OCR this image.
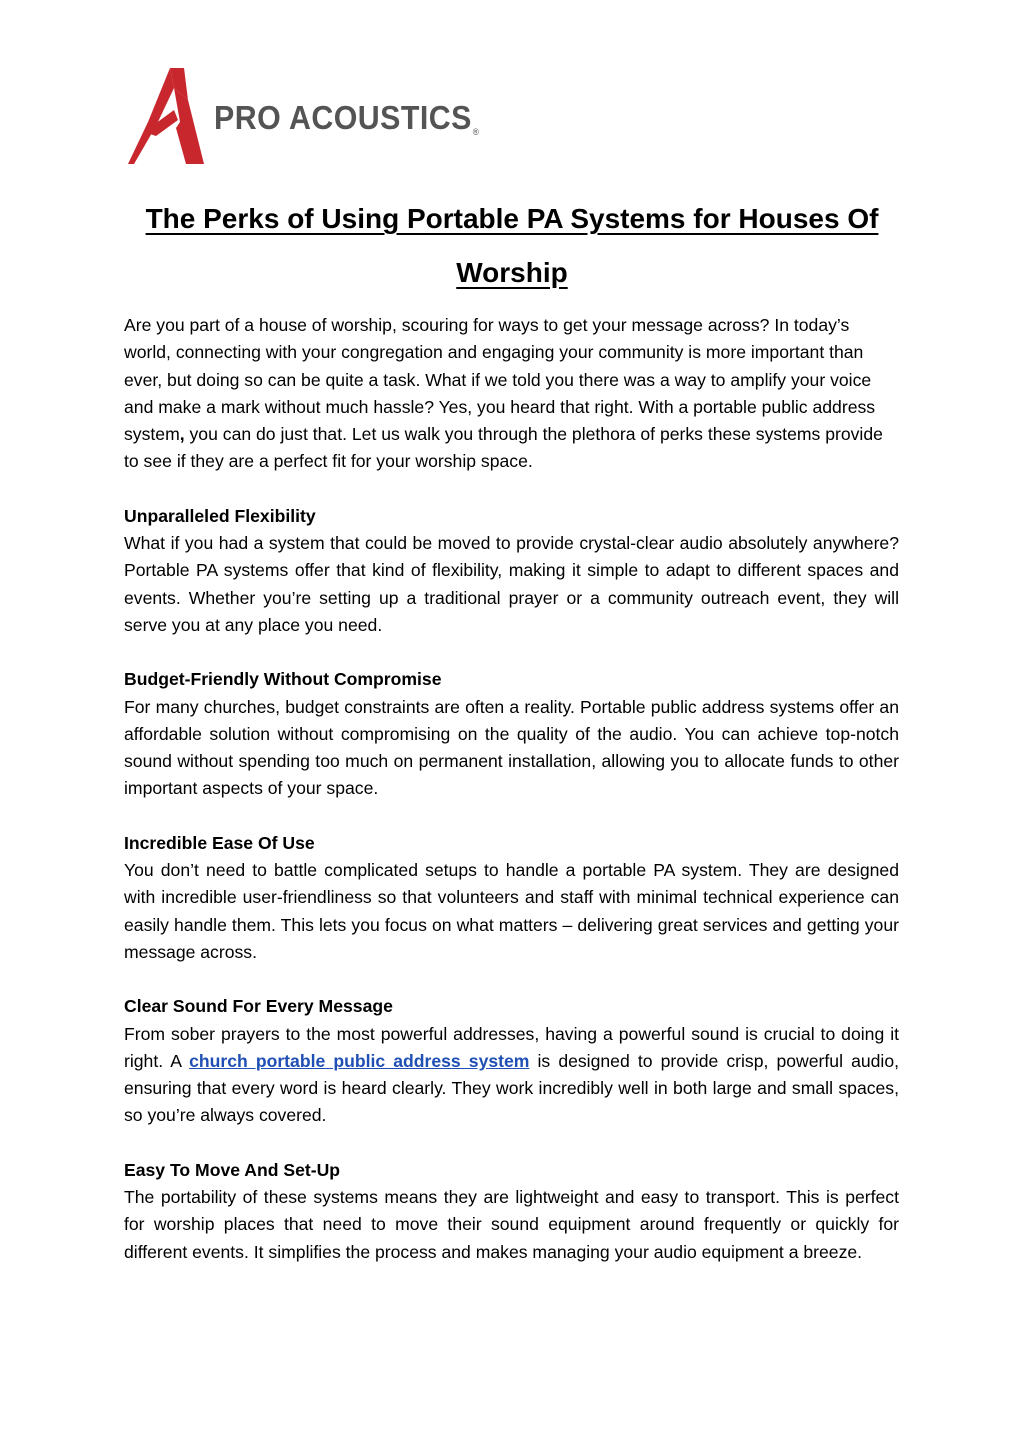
PRO ACOUSTICS®
The Perks of Using Portable PA Systems for Houses Of Worship

Are you part of a house of worship, scouring for ways to get your message across? In today’s world, connecting with your congregation and engaging your community is more important than ever, but doing so can be quite a task. What if we told you there was a way to amplify your voice and make a mark without much hassle? Yes, you heard that right. With a portable public address system, you can do just that. Let us walk you through the plethora of perks these systems provide to see if they are a perfect fit for your worship space.

Unparalleled Flexibility

What if you had a system that could be moved to provide crystal-clear audio absolutely anywhere? Portable PA systems offer that kind of flexibility, making it simple to adapt to different spaces and events. Whether you’re setting up a traditional prayer or a community outreach event, they will serve you at any place you need.

Budget-Friendly Without Compromise

For many churches, budget constraints are often a reality. Portable public address systems offer an affordable solution without compromising on the quality of the audio. You can achieve top-notch sound without spending too much on permanent installation, allowing you to allocate funds to other important aspects of your space.

Incredible Ease Of Use

You don’t need to battle complicated setups to handle a portable PA system. They are designed with incredible user-friendliness so that volunteers and staff with minimal technical experience can easily handle them. This lets you focus on what matters – delivering great services and getting your message across.

Clear Sound For Every Message

From sober prayers to the most powerful addresses, having a powerful sound is crucial to doing it right. A church portable public address system is designed to provide crisp, powerful audio, ensuring that every word is heard clearly. They work incredibly well in both large and small spaces, so you’re always covered.

Easy To Move And Set-Up

The portability of these systems means they are lightweight and easy to transport. This is perfect for worship places that need to move their sound equipment around frequently or quickly for different events. It simplifies the process and makes managing your audio equipment a breeze.
